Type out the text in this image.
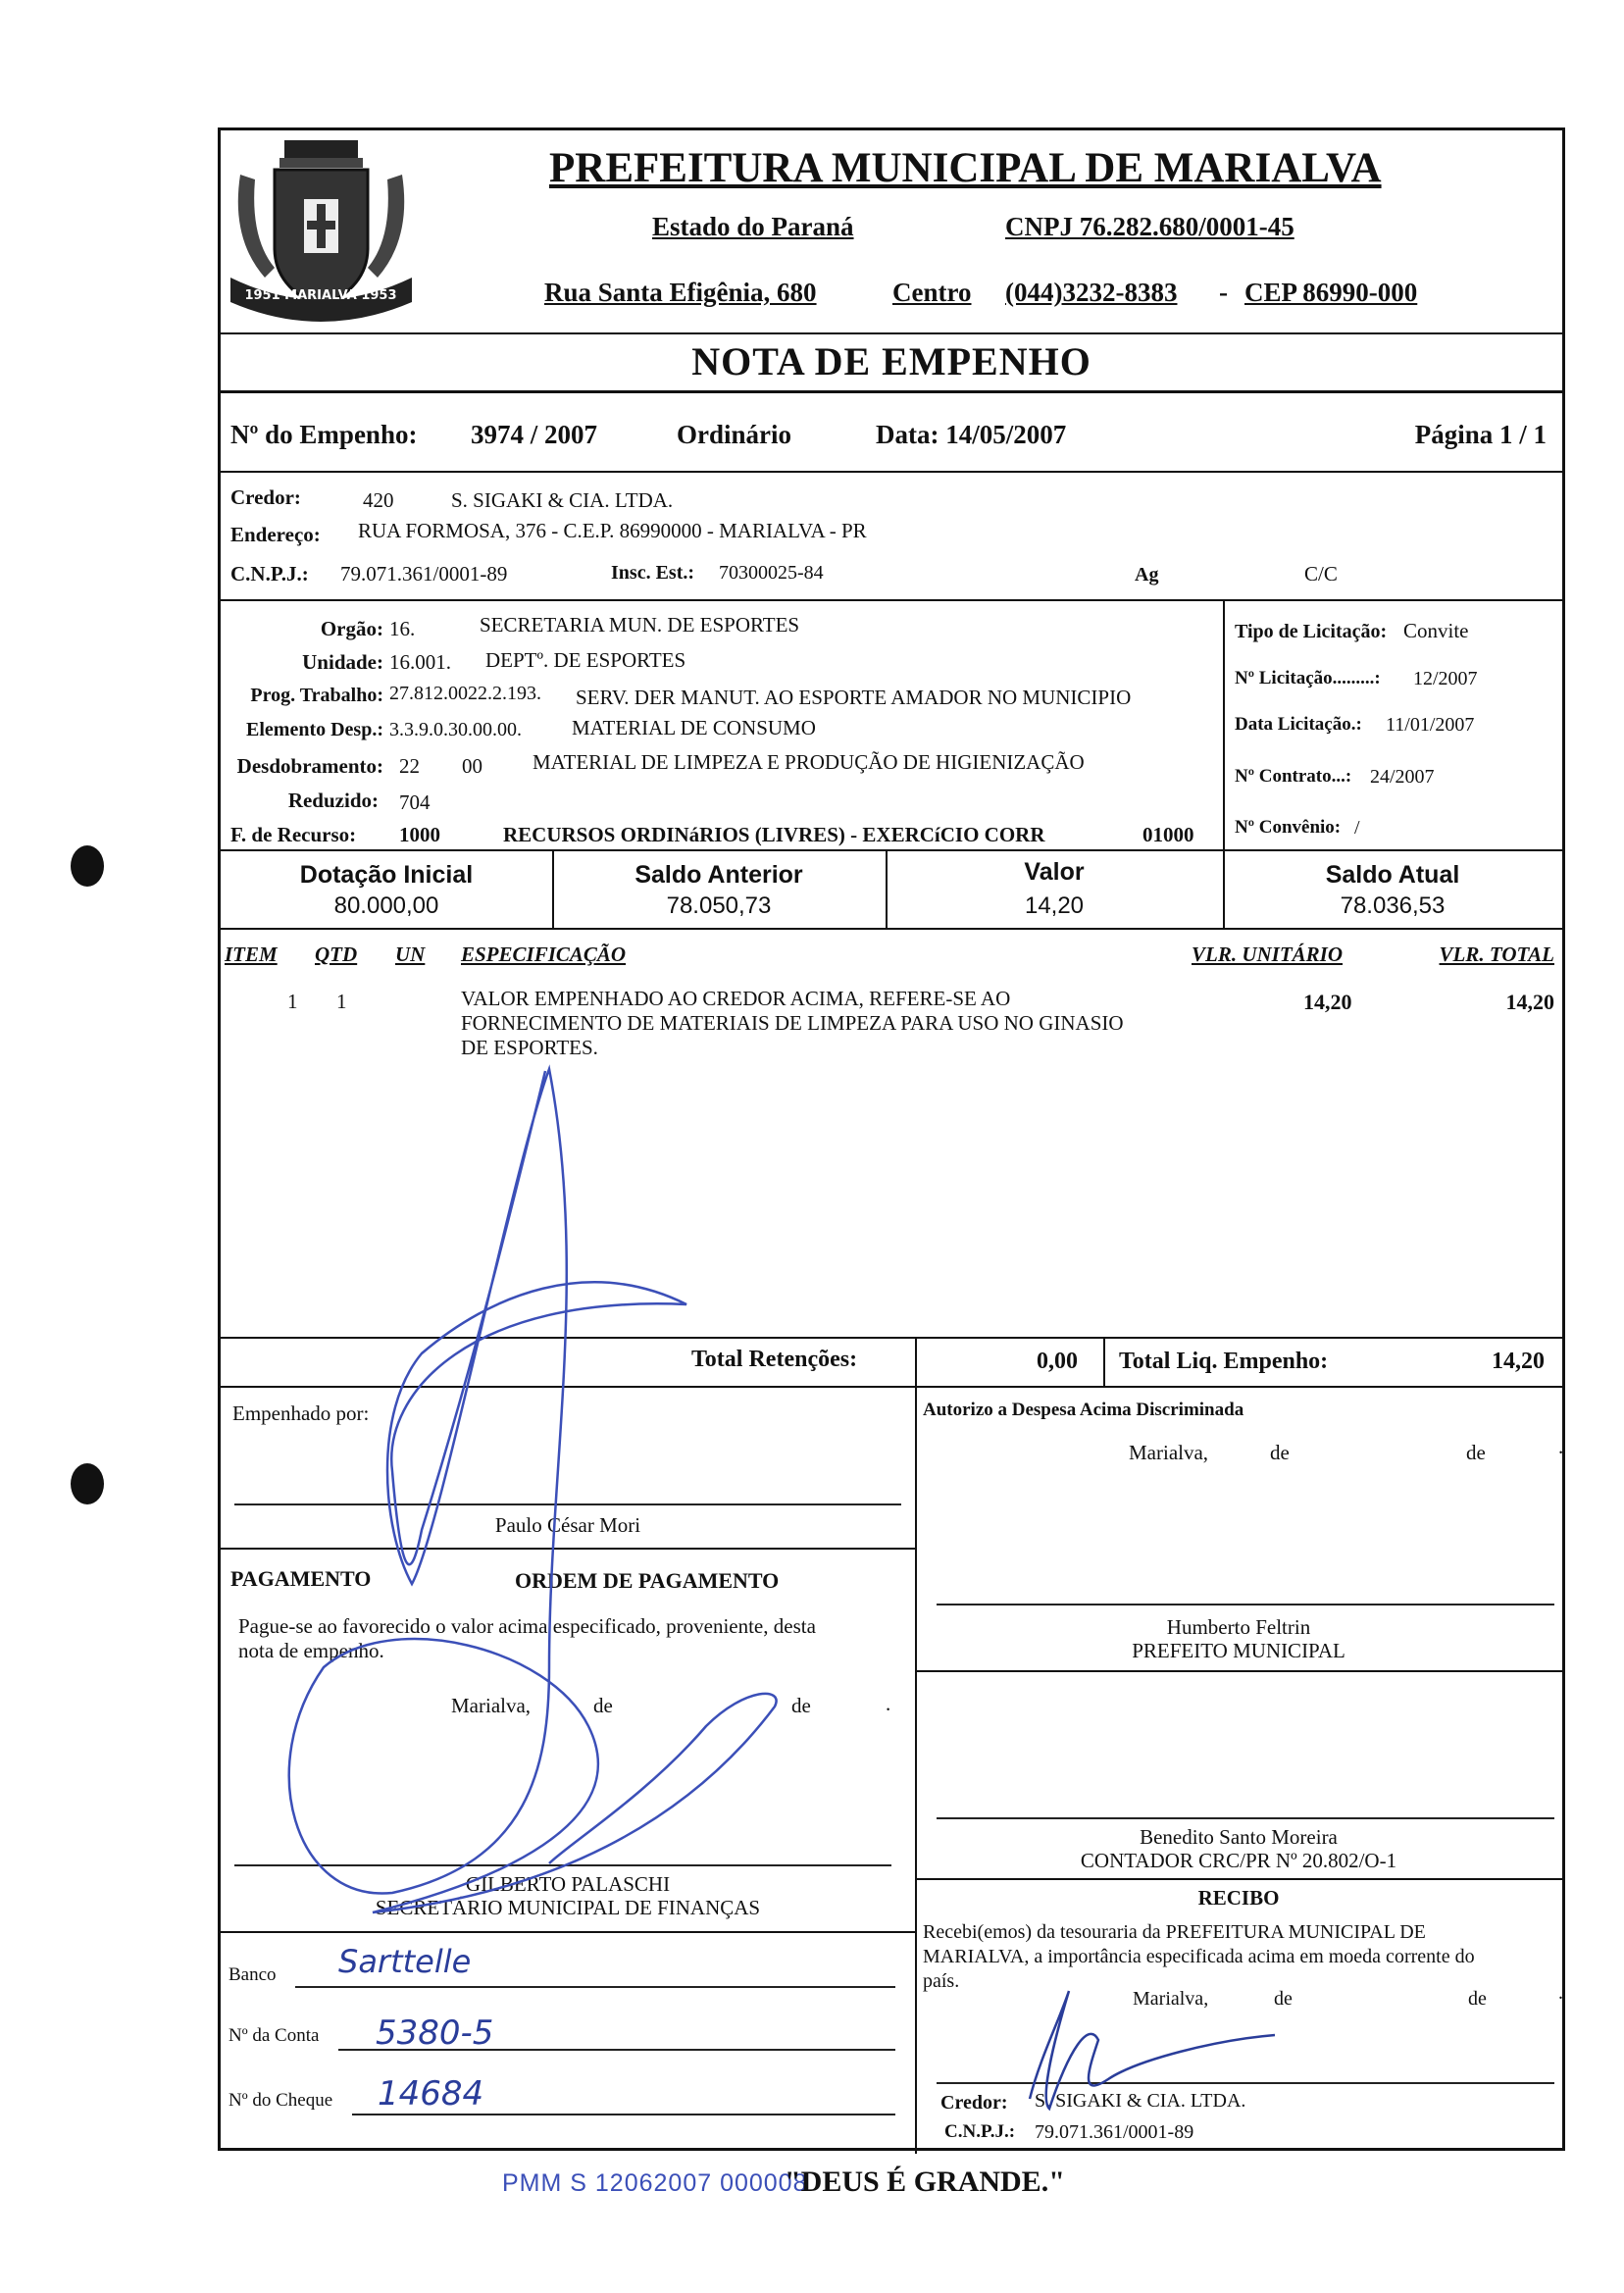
1951 MARIALVA 1953
PREFEITURA MUNICIPAL DE MARIALVA
Estado do Paraná	CNPJ 76.282.680/0001-45
Rua Santa Efigênia, 680	Centro (044)3232-8383 - CEP 86990-000
NOTA DE EMPENHO
Nº do Empenho: 3974 / 2007	Ordinário	Data: 14/05/2007	Página 1 / 1
Credor:	420	S. SIGAKI & CIA. LTDA.
Endereço: RUA FORMOSA, 376 - C.E.P. 86990000 - MARIALVA - PR
C.N.P.J.: 79.071.361/0001-89	Insc. Est.: 70300025-84	Ag	C/C
Orgão: 16.	SECRETARIA MUN. DE ESPORTES
Unidade: 16.001. DEPTº. DE ESPORTES
Prog. Trabalho: 27.812.0022.2.193. SERV. DER MANUT. AO ESPORTE AMADOR NO MUNICIPIO
Elemento Desp.: 3.3.9.0.30.00.00. MATERIAL DE CONSUMO
Desdobramento: 22 00 MATERIAL DE LIMPEZA E PRODUÇÃO DE HIGIENIZAÇÃO
Reduzido: 704
F. de Recurso: 1000	RECURSOS ORDINáRIOS (LIVRES) - EXERCíCIO CORR	01000
Tipo de Licitação: Convite
Nº Licitação.........: 12/2007
Data Licitação.: 11/01/2007
Nº Contrato...: 24/2007
Nº Convênio: /
Dotação Inicial
80.000,00
Saldo Anterior
78.050,73
Valor
14,20
Saldo Atual
78.036,53
ITEM QTD UN ESPECIFICAÇÃO	VLR. UNITÁRIO	VLR. TOTAL
1 1	VALOR EMPENHADO AO CREDOR ACIMA, REFERE-SE AO
FORNECIMENTO DE MATERIAIS DE LIMPEZA PARA USO NO GINASIO
DE ESPORTES.
14,20	14,20
Total Retenções:	0,00 Total Liq. Empenho:	14,20
Empenhado por:
Paulo César Mori
PAGAMENTO	ORDEM DE PAGAMENTO
Pague-se ao favorecido o valor acima especificado, proveniente, desta
nota de empenho.
Marialva,	de	de	.
GILBERTO PALASCHI
SECRETÁRIO MUNICIPAL DE FINANÇAS
Banco Sarttelle
Nº da Conta 5380-5
Nº do Cheque 14684
Autorizo a Despesa Acima Discriminada
Marialva,	de	de	.
Humberto Feltrin
PREFEITO MUNICIPAL
Benedito Santo Moreira
CONTADOR CRC/PR Nº 20.802/O-1
RECIBO
Recebi(emos) da tesouraria da PREFEITURA MUNICIPAL DE
MARIALVA, a importância especificada acima em moeda corrente do
país.
Marialva,	de	de	.
Credor: S. SIGAKI & CIA. LTDA.
C.N.P.J.: 79.071.361/0001-89
PMM S 12062007 000008
"DEUS É GRANDE."
